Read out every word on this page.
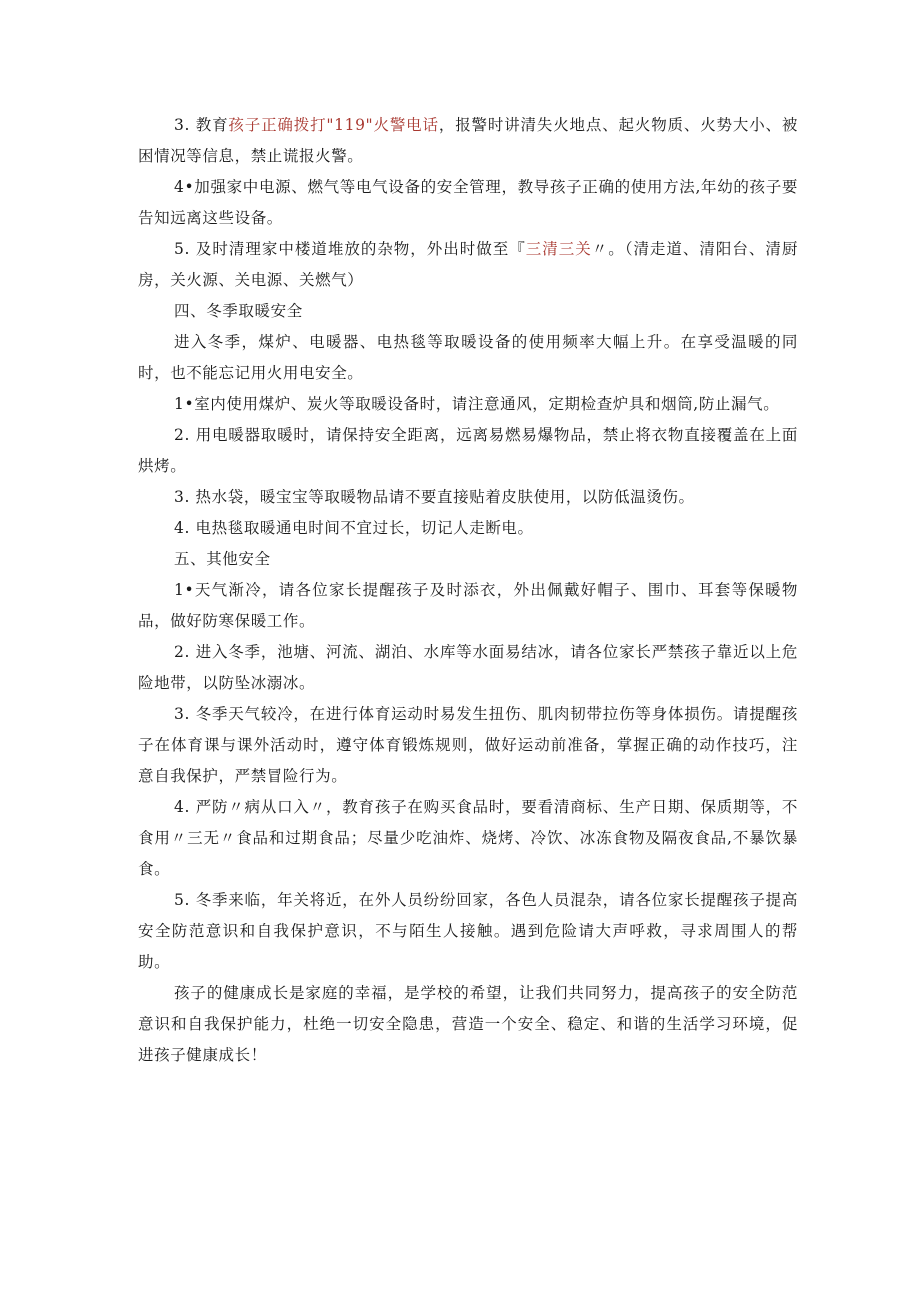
3. 教育孩子正确拨打"119"火警电话，报警时讲清失火地点、起火物质、火势大小、被困情况等信息，禁止谎报火警。

4•加强家中电源、燃气等电气设备的安全管理，教导孩子正确的使用方法,年幼的孩子要告知远离这些设备。

5. 及时清理家中楼道堆放的杂物，外出时做至『三清三关〃。（清走道、清阳台、清厨房，关火源、关电源、关燃气）

四、冬季取暖安全

进入冬季，煤炉、电暖器、电热毯等取暖设备的使用频率大幅上升。在享受温暖的同时，也不能忘记用火用电安全。

1•室内使用煤炉、炭火等取暖设备时，请注意通风，定期检查炉具和烟筒,防止漏气。

2. 用电暖器取暖时，请保持安全距离，远离易燃易爆物品，禁止将衣物直接覆盖在上面烘烤。

3. 热水袋，暖宝宝等取暖物品请不要直接贴着皮肤使用，以防低温烫伤。

4. 电热毯取暖通电时间不宜过长，切记人走断电。

五、其他安全

1•天气渐冷，请各位家长提醒孩子及时添衣，外出佩戴好帽子、围巾、耳套等保暖物品，做好防寒保暖工作。

2. 进入冬季，池塘、河流、湖泊、水库等水面易结冰，请各位家长严禁孩子靠近以上危险地带，以防坠冰溺冰。

3. 冬季天气较冷，在进行体育运动时易发生扭伤、肌肉韧带拉伤等身体损伤。请提醒孩子在体育课与课外活动时，遵守体育锻炼规则，做好运动前准备，掌握正确的动作技巧，注意自我保护，严禁冒险行为。

4. 严防〃病从口入〃，教育孩子在购买食品时，要看清商标、生产日期、保质期等，不食用〃三无〃食品和过期食品；尽量少吃油炸、烧烤、冷饮、冰冻食物及隔夜食品,不暴饮暴食。

5. 冬季来临，年关将近，在外人员纷纷回家，各色人员混杂，请各位家长提醒孩子提高安全防范意识和自我保护意识，不与陌生人接触。遇到危险请大声呼救，寻求周围人的帮助。

孩子的健康成长是家庭的幸福，是学校的希望，让我们共同努力，提高孩子的安全防范意识和自我保护能力，杜绝一切安全隐患，营造一个安全、稳定、和谐的生活学习环境，促进孩子健康成长！
